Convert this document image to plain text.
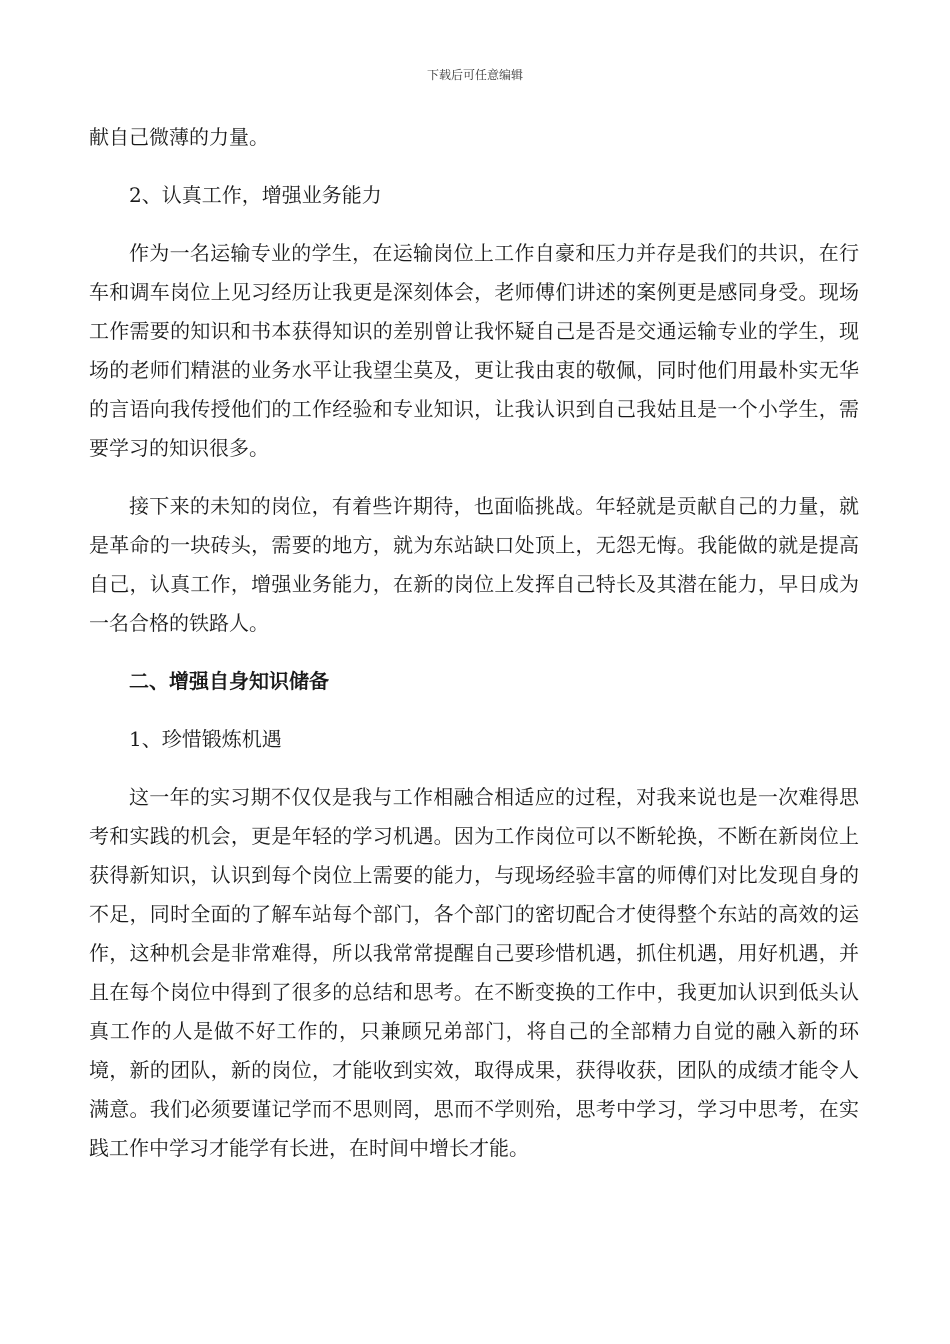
下载后可任意编辑

献自己微薄的力量。

2、认真工作，增强业务能力

作为一名运输专业的学生，在运输岗位上工作自豪和压力并存是我们的共识，在行车和调车岗位上见习经历让我更是深刻体会，老师傅们讲述的案例更是感同身受。现场工作需要的知识和书本获得知识的差别曾让我怀疑自己是否是交通运输专业的学生，现场的老师们精湛的业务水平让我望尘莫及，更让我由衷的敬佩，同时他们用最朴实无华的言语向我传授他们的工作经验和专业知识，让我认识到自己我姑且是一个小学生，需要学习的知识很多。

接下来的未知的岗位，有着些许期待，也面临挑战。年轻就是贡献自己的力量，就是革命的一块砖头，需要的地方，就为东站缺口处顶上，无怨无悔。我能做的就是提高自己，认真工作，增强业务能力，在新的岗位上发挥自己特长及其潜在能力，早日成为一名合格的铁路人。

二、增强自身知识储备

1、珍惜锻炼机遇

这一年的实习期不仅仅是我与工作相融合相适应的过程，对我来说也是一次难得思考和实践的机会，更是年轻的学习机遇。因为工作岗位可以不断轮换，不断在新岗位上获得新知识，认识到每个岗位上需要的能力，与现场经验丰富的师傅们对比发现自身的不足，同时全面的了解车站每个部门，各个部门的密切配合才使得整个东站的高效的运作，这种机会是非常难得，所以我常常提醒自己要珍惜机遇，抓住机遇，用好机遇，并且在每个岗位中得到了很多的总结和思考。在不断变换的工作中，我更加认识到低头认真工作的人是做不好工作的，只兼顾兄弟部门，将自己的全部精力自觉的融入新的环境，新的团队，新的岗位，才能收到实效，取得成果，获得收获，团队的成绩才能令人满意。我们必须要谨记学而不思则罔，思而不学则殆，思考中学习，学习中思考，在实践工作中学习才能学有长进，在时间中增长才能。
